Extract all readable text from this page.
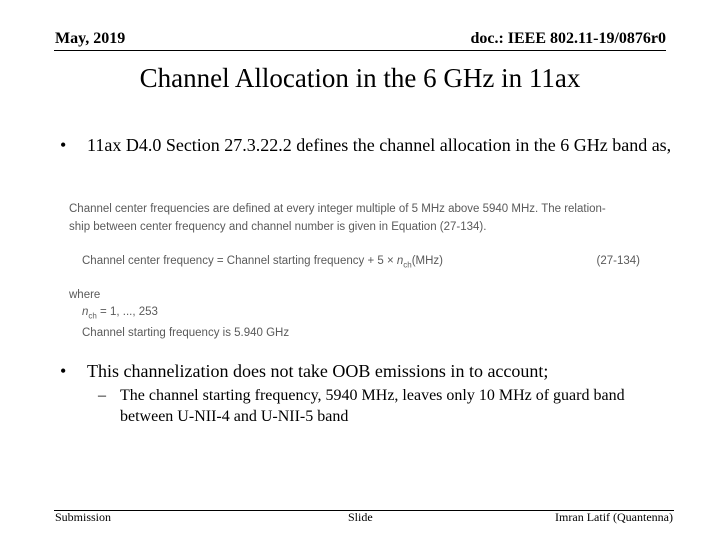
May, 2019	doc.: IEEE 802.11-19/0876r0
Channel Allocation in the 6 GHz in 11ax
• 11ax D4.0 Section 27.3.22.2 defines the channel allocation in the 6 GHz band as,
Channel center frequencies are defined at every integer multiple of 5 MHz above 5940 MHz. The relation-
ship between center frequency and channel number is given in Equation (27-134).
Channel center frequency = Channel starting frequency + $5 \times n_{ch}(MHz)$	(27-134)
where
$n_{ch} = 1$, ..., 253
Channel starting frequency is 5.940 GHz
• This channelization does not take OOB emissions in to account;
– The channel starting frequency, 5940 MHz, leaves only 10 MHz of guard band between U-NII-4 and U-NII-5 band
Submission	Slide	Imran Latif (Quantenna)
